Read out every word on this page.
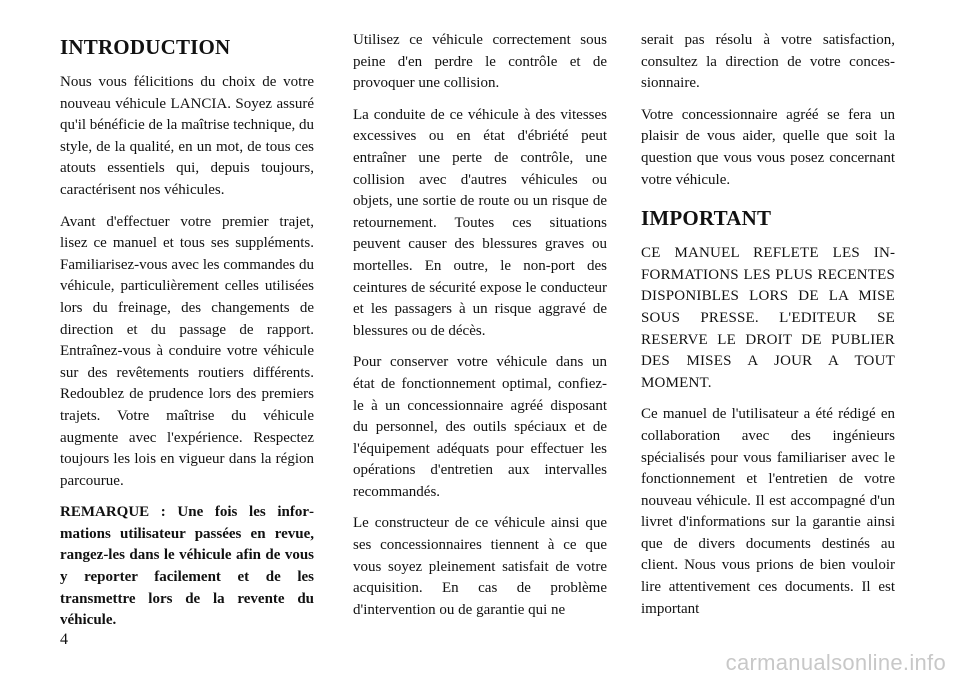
INTRODUCTION

Nous vous félicitions du choix de votre nouveau véhicule LANCIA. Soyez assuré qu'il bénéficie de la maîtrise technique, du style, de la qualité, en un mot, de tous ces atouts essentiels qui, depuis toujours, caractérisent nos véhicules.

Avant d'effectuer votre premier trajet, lisez ce manuel et tous ses suppléments. Familiarisez-vous avec les commandes du véhicule, particulièrement celles utilisées lors du freinage, des changements de direction et du passage de rapport. Entraînez-vous à conduire votre véhicule sur des revêtements routiers différents. Redoublez de prudence lors des premiers trajets. Votre maîtrise du véhicule augmente avec l'expérience. Respectez toujours les lois en vigueur dans la région parcourue.

REMARQUE : Une fois les informations utilisateur passées en revue, rangez-les dans le véhicule afin de vous y reporter facilement et de les transmettre lors de la revente du véhicule.

Utilisez ce véhicule correctement sous peine d'en perdre le contrôle et de provoquer une collision.

La conduite de ce véhicule à des vitesses excessives ou en état d'ébriété peut entraîner une perte de contrôle, une collision avec d'autres véhicules ou objets, une sortie de route ou un risque de retournement. Toutes ces situations peuvent causer des blessures graves ou mortelles. En outre, le non-port des ceintures de sécurité expose le conducteur et les passagers à un risque aggravé de blessures ou de décès.

Pour conserver votre véhicule dans un état de fonctionnement optimal, confiez-le à un concessionnaire agréé disposant du personnel, des outils spéciaux et de l'équipement adéquats pour effectuer les opérations d'entretien aux intervalles recommandés.

Le constructeur de ce véhicule ainsi que ses concessionnaires tiennent à ce que vous soyez pleinement satisfait de votre acquisition. En cas de problème d'intervention ou de garantie qui ne

serait pas résolu à votre satisfaction, consultez la direction de votre concessionnaire.

Votre concessionnaire agréé se fera un plaisir de vous aider, quelle que soit la question que vous vous posez concernant votre véhicule.

IMPORTANT

CE MANUEL REFLETE LES INFORMATIONS LES PLUS RECENTES DISPONIBLES LORS DE LA MISE SOUS PRESSE. L'EDITEUR SE RESERVE LE DROIT DE PUBLIER DES MISES A JOUR A TOUT MOMENT.

Ce manuel de l'utilisateur a été rédigé en collaboration avec des ingénieurs spécialisés pour vous familiariser avec le fonctionnement et l'entretien de votre nouveau véhicule. Il est accompagné d'un livret d'informations sur la garantie ainsi que de divers documents destinés au client. Nous vous prions de bien vouloir lire attentivement ces documents. Il est important

4
carmanualsonline.info
